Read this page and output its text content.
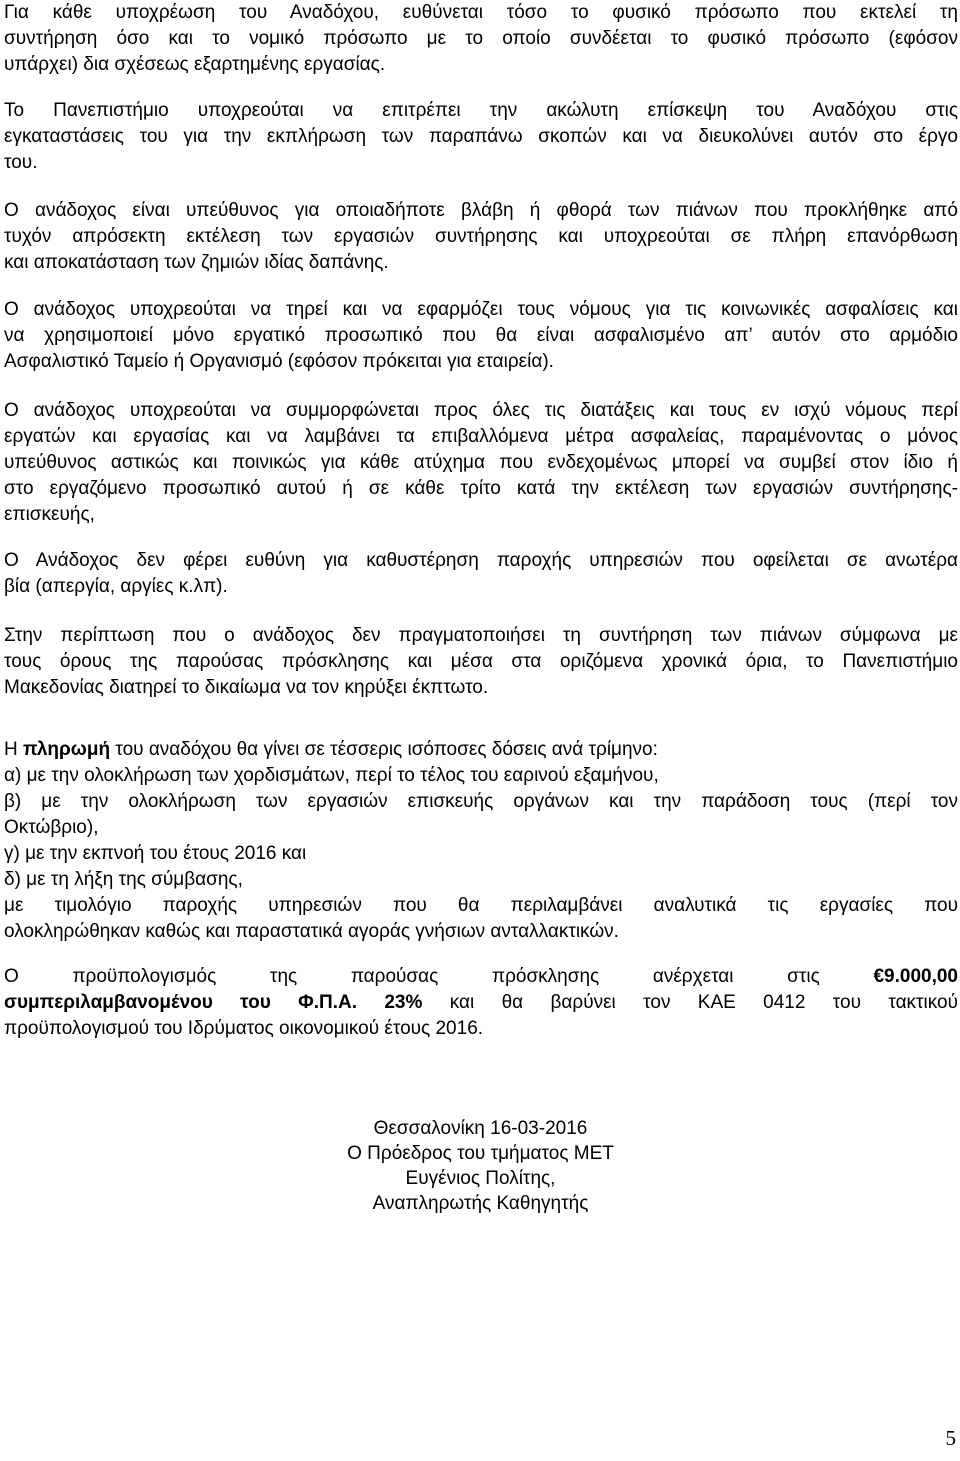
Για κάθε υποχρέωση του Αναδόχου, ευθύνεται τόσο το φυσικό πρόσωπο που εκτελεί τη
συντήρηση όσο και το νομικό πρόσωπο με το οποίο συνδέεται το φυσικό πρόσωπο (εφόσον
υπάρχει) δια σχέσεως εξαρτημένης εργασίας.

Το Πανεπιστήμιο υποχρεούται να επιτρέπει την ακώλυτη επίσκεψη του Αναδόχου στις
εγκαταστάσεις του για την εκπλήρωση των παραπάνω σκοπών και να διευκολύνει αυτόν στο έργο
του.

Ο ανάδοχος είναι υπεύθυνος για οποιαδήποτε βλάβη ή φθορά των πιάνων που προκλήθηκε από
τυχόν απρόσεκτη εκτέλεση των εργασιών συντήρησης και υποχρεούται σε πλήρη επανόρθωση
και αποκατάσταση των ζημιών ιδίας δαπάνης.

Ο ανάδοχος υποχρεούται να τηρεί και να εφαρμόζει τους νόμους για τις κοινωνικές ασφαλίσεις και
να χρησιμοποιεί μόνο εργατικό προσωπικό που θα είναι ασφαλισμένο απ’ αυτόν στο αρμόδιο
Ασφαλιστικό Ταμείο ή Οργανισμό (εφόσον πρόκειται για εταιρεία).

Ο ανάδοχος υποχρεούται να συμμορφώνεται προς όλες τις διατάξεις και τους εν ισχύ νόμους περί
εργατών και εργασίας και να λαμβάνει τα επιβαλλόμενα μέτρα ασφαλείας, παραμένοντας ο μόνος
υπεύθυνος αστικώς και ποινικώς για κάθε ατύχημα που ενδεχομένως μπορεί να συμβεί στον ίδιο ή
στο εργαζόμενο προσωπικό αυτού ή σε κάθε τρίτο κατά την εκτέλεση των εργασιών συντήρησης-
επισκευής,

Ο Ανάδοχος δεν φέρει ευθύνη για καθυστέρηση παροχής υπηρεσιών που οφείλεται σε ανωτέρα
βία (απεργία, αργίες κ.λπ).

Στην περίπτωση που ο ανάδοχος δεν πραγματοποιήσει τη συντήρηση των πιάνων σύμφωνα με
τους όρους της παρούσας πρόσκλησης και μέσα στα οριζόμενα χρονικά όρια, το Πανεπιστήμιο
Μακεδονίας διατηρεί το δικαίωμα να τον κηρύξει έκπτωτο.

Η πληρωμή του αναδόχου θα γίνει σε τέσσερις ισόποσες δόσεις ανά τρίμηνο:
α) με την ολοκλήρωση των χορδισμάτων, περί το τέλος του εαρινού εξαμήνου,
β) με την ολοκλήρωση των εργασιών επισκευής οργάνων και την παράδοση τους (περί τον
Οκτώβριο),
γ) με την εκπνοή του έτους 2016 και
δ) με τη λήξη της σύμβασης,
με τιμολόγιο παροχής υπηρεσιών που θα περιλαμβάνει αναλυτικά τις εργασίες που
ολοκληρώθηκαν καθώς και παραστατικά αγοράς γνήσιων ανταλλακτικών.

Ο προϋπολογισμός της παρούσας πρόσκλησης ανέρχεται στις €9.000,00
συμπεριλαμβανομένου του Φ.Π.Α. 23% και θα βαρύνει τον ΚΑΕ 0412 του τακτικού
προϋπολογισμού του Ιδρύματος οικονομικού έτους 2016.

Θεσσαλονίκη 16-03-2016
Ο Πρόεδρος του τμήματος ΜΕΤ
Ευγένιος Πολίτης,
Αναπληρωτής Καθηγητής
5
